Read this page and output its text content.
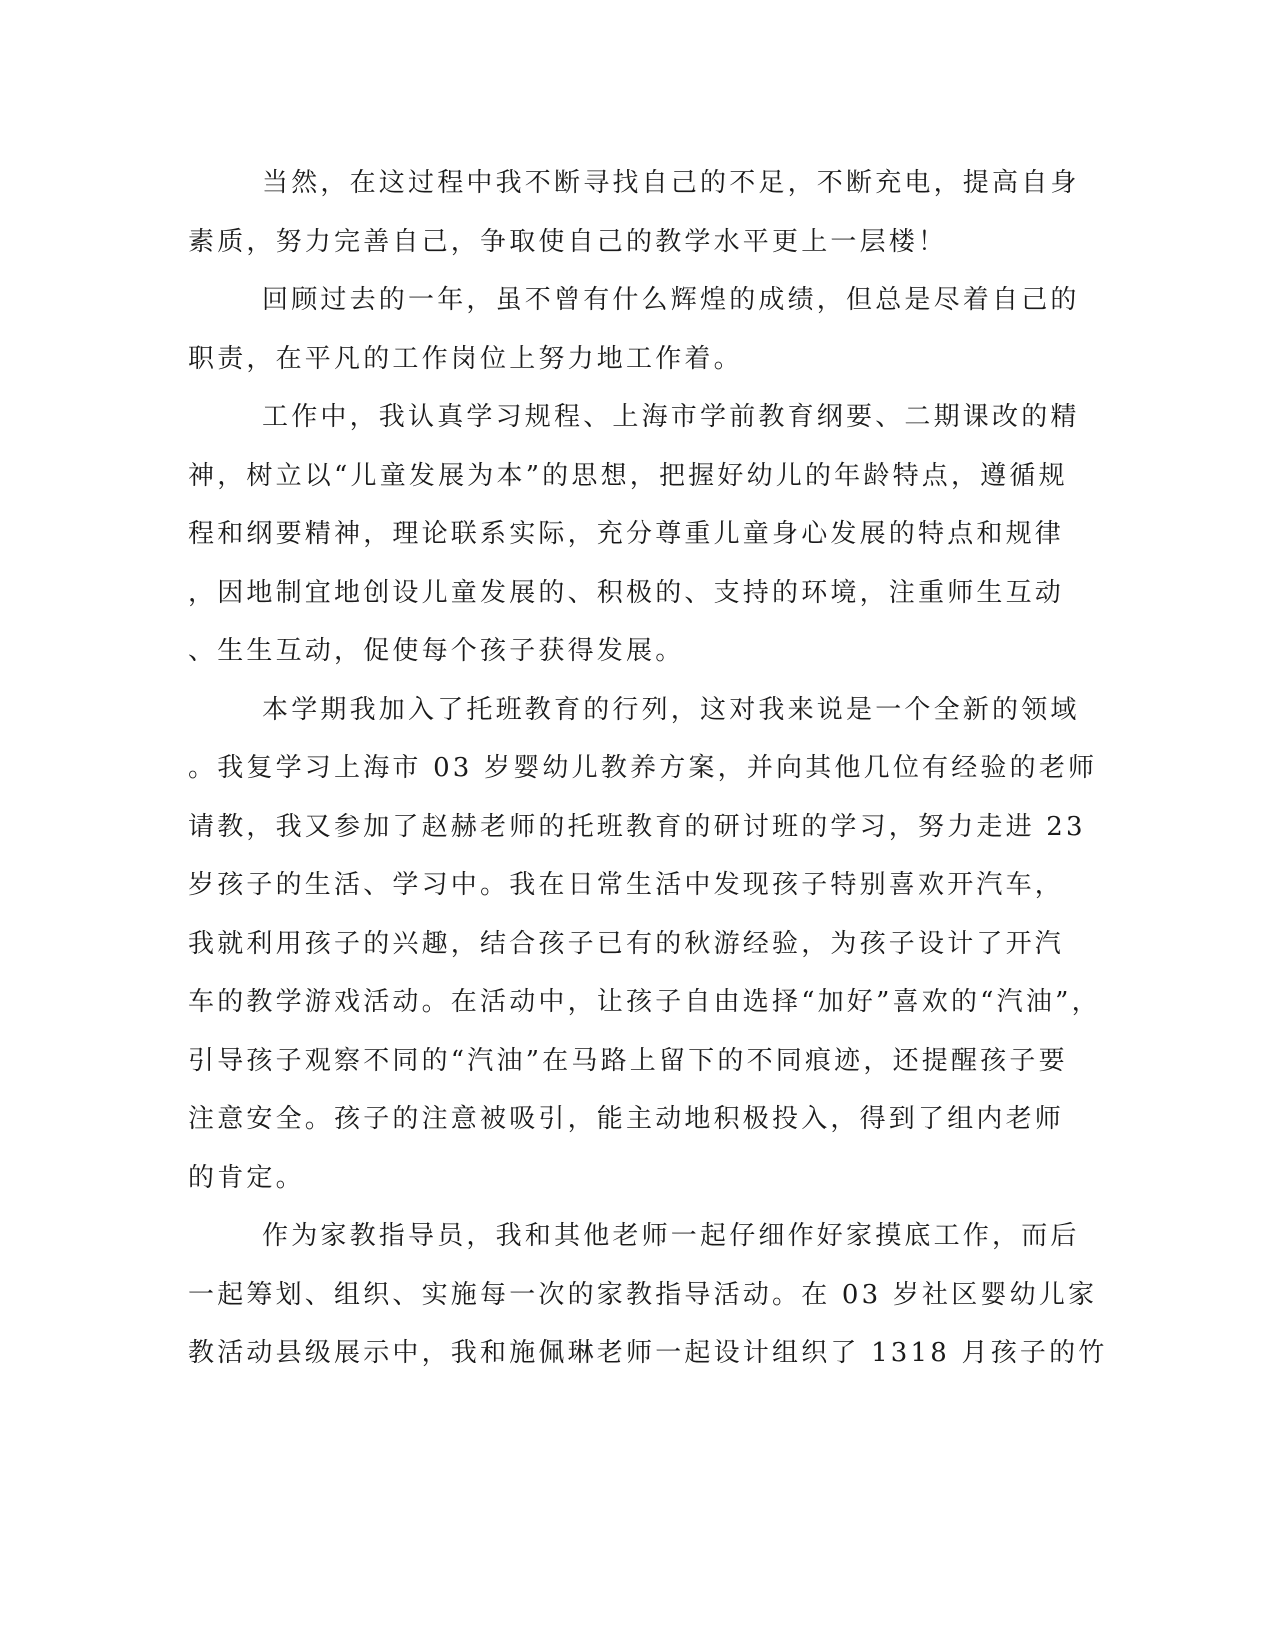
当然，在这过程中我不断寻找自己的不足，不断充电，提高自身
素质，努力完善自己，争取使自己的教学水平更上一层楼！
回顾过去的一年，虽不曾有什么辉煌的成绩，但总是尽着自己的
职责，在平凡的工作岗位上努力地工作着。
工作中，我认真学习规程、上海市学前教育纲要、二期课改的精
神，树立以“儿童发展为本”的思想，把握好幼儿的年龄特点，遵循规
程和纲要精神，理论联系实际，充分尊重儿童身心发展的特点和规律
，因地制宜地创设儿童发展的、积极的、支持的环境，注重师生互动
、生生互动，促使每个孩子获得发展。
本学期我加入了托班教育的行列，这对我来说是一个全新的领域
。我复学习上海市 03 岁婴幼儿教养方案，并向其他几位有经验的老师
请教，我又参加了赵赫老师的托班教育的研讨班的学习，努力走进 23
岁孩子的生活、学习中。我在日常生活中发现孩子特别喜欢开汽车，
我就利用孩子的兴趣，结合孩子已有的秋游经验，为孩子设计了开汽
车的教学游戏活动。在活动中，让孩子自由选择“加好”喜欢的“汽油”，
引导孩子观察不同的“汽油”在马路上留下的不同痕迹，还提醒孩子要
注意安全。孩子的注意被吸引，能主动地积极投入，得到了组内老师
的肯定。
作为家教指导员，我和其他老师一起仔细作好家摸底工作，而后
一起筹划、组织、实施每一次的家教指导活动。在 03 岁社区婴幼儿家
教活动县级展示中，我和施佩琳老师一起设计组织了 1318 月孩子的竹
